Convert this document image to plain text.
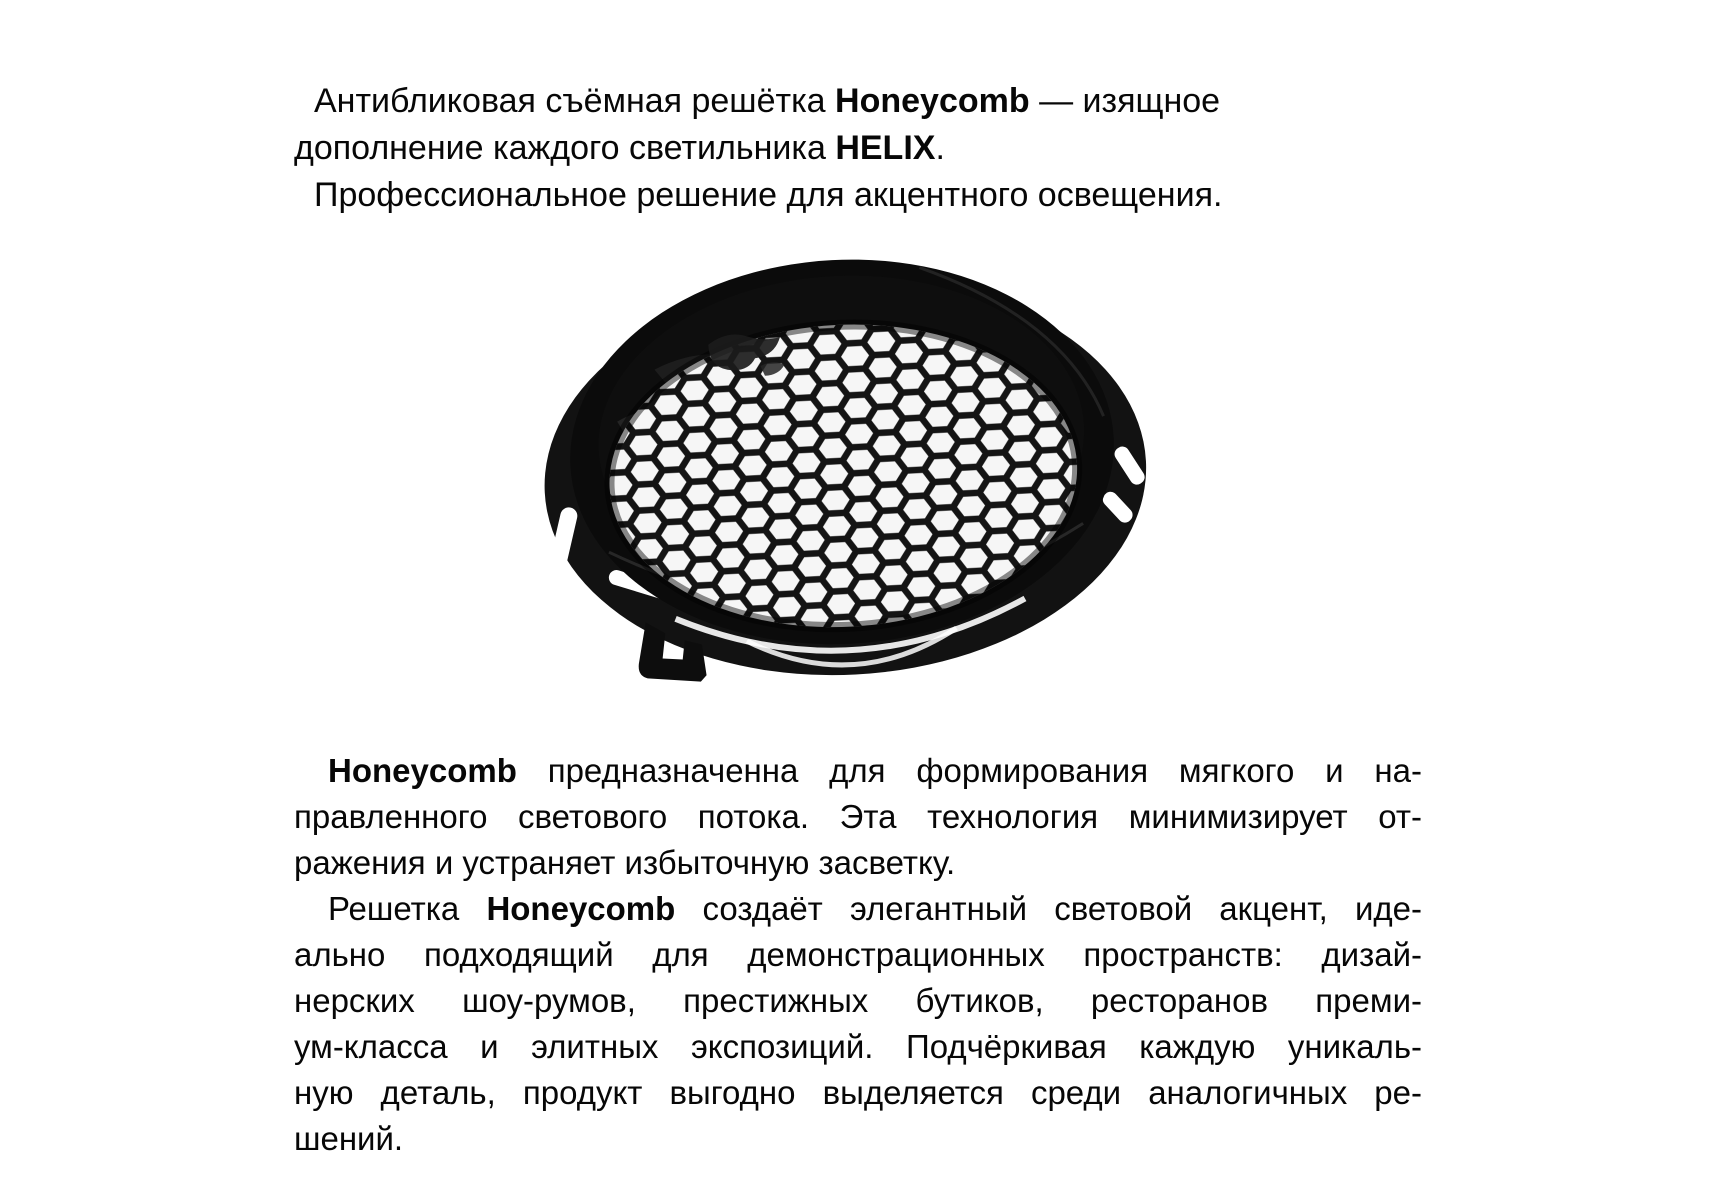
Антибликовая съёмная решётка Honeycomb — изящное
дополнение каждого светильника HELIX.
Профессиональное решение для акцентного освещения.
Honeycomb предназначенна для формирования мягкого и на-
правленного светового потока. Эта технология минимизирует от-
ражения и устраняет избыточную засветку.
Решетка Honeycomb создаёт элегантный световой акцент, иде-
ально подходящий для демонстрационных пространств: дизай-
нерских шоу-румов, престижных бутиков, ресторанов преми-
ум-класса и элитных экспозиций. Подчёркивая каждую уникаль-
ную деталь, продукт выгодно выделяется среди аналогичных ре-
шений.
